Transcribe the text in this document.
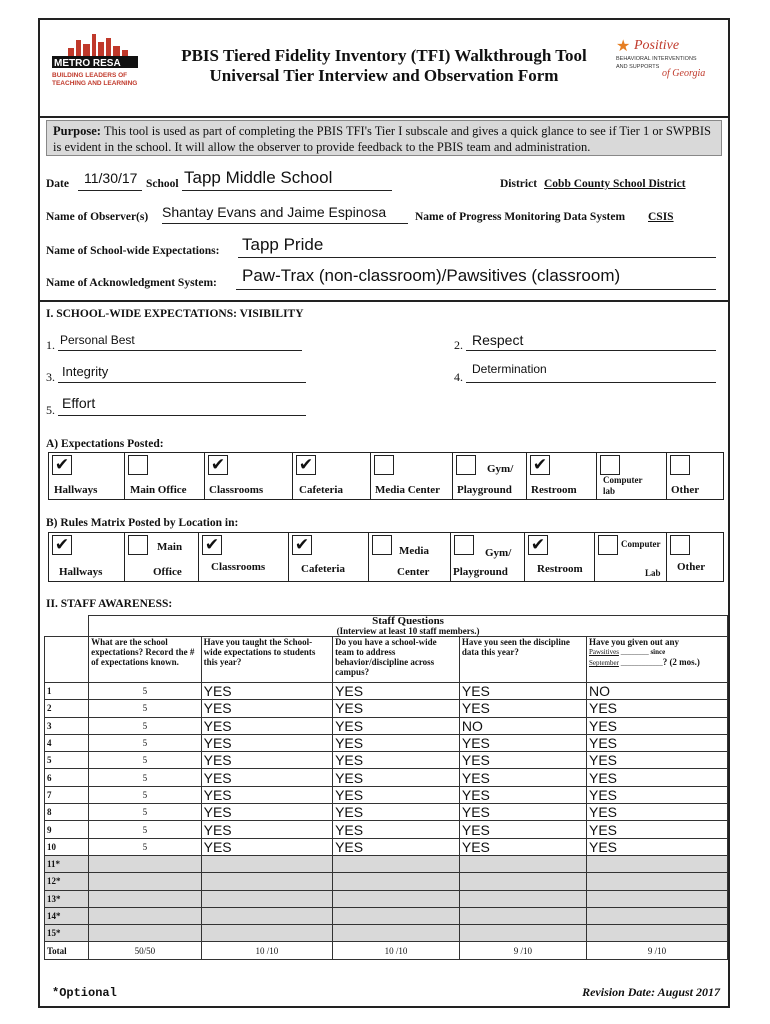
METRO RESA
BUILDING LEADERS OF
TEACHING AND LEARNING
PBIS Tiered Fidelity Inventory (TFI) Walkthrough Tool
Universal Tier Interview and Observation Form
★ Positive
BEHAVIORAL INTERVENTIONS
AND SUPPORTS
of Georgia
Purpose: This tool is used as part of completing the PBIS TFI's Tier I subscale and gives a quick glance to see if Tier 1 or SWPBIS is evident in the school. It will allow the observer to provide feedback to the PBIS team and administration.
Date 11/30/17 School Tapp Middle School	District Cobb County School District
Name of Observer(s) Shantay Evans and Jaime Espinosa	Name of Progress Monitoring Data System CSIS
Name of School-wide Expectations: Tapp Pride
Name of Acknowledgment System: Paw-Trax (non-classroom)/Pawsitives (classroom)
I. SCHOOL-WIDE EXPECTATIONS: VISIBILITY
1. Personal Best	2. Respect
3. Integrity	4.
Determination
5. Effort
A) Expectations Posted:
✔
Hallways	Main Office
✔
Classrooms
✔
Cafeteria	Media Center
Gym/
Playground
✔
Restroom
Computer
lab	Other
B) Rules Matrix Posted by Location in:
✔
Hallways
Main
Office
✔
Classrooms
✔
Cafeteria
Media
Center
Gym/
Playground
✔
Restroom
Computer
Lab Other
II. STAFF AWARENESS:

	Staff Questions
(Interview at least 10 staff members.)				

	What are the school expectations? Record the # of expectations known.	Have you taught the School-wide expectations to students this year?	Do you have a school-wide team to address behavior/discipline across campus?	Have you seen the discipline data this year?	Have you given out any
Pawsitives ________ since
September ____________? (2 mos.)

1	5	YES	YES	YES	NO
2	5	YES	YES	YES	YES
3	5	YES	YES	NO	YES
4	5	YES	YES	YES	YES
5	5	YES	YES	YES	YES
6	5	YES	YES	YES	YES
7	5	YES	YES	YES	YES
8	5	YES	YES	YES	YES
9	5	YES	YES	YES	YES
10	5	YES	YES	YES	YES
11*					
12*					
13*					
14*					
15*					
Total	50/50	10 /10	10 /10	9 /10	9 /10
*Optional	Revision Date: August 2017
